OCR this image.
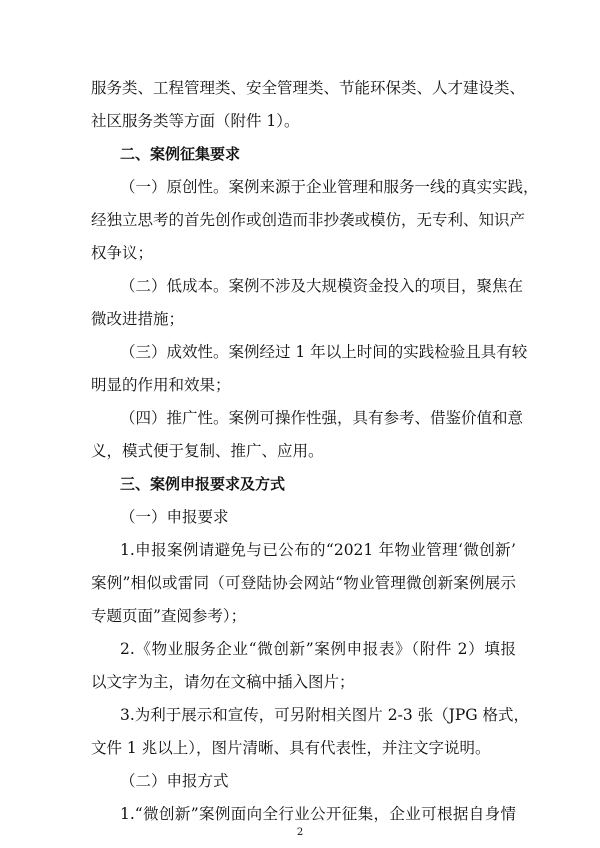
服务类、工程管理类、安全管理类、节能环保类、人才建设类、
社区服务类等方面（附件 1）。
二、案例征集要求
（一）原创性。案例来源于企业管理和服务一线的真实实践，
经独立思考的首先创作或创造而非抄袭或模仿，无专利、知识产
权争议；
（二）低成本。案例不涉及大规模资金投入的项目，聚焦在
微改进措施；
（三）成效性。案例经过 1 年以上时间的实践检验且具有较
明显的作用和效果；
（四）推广性。案例可操作性强，具有参考、借鉴价值和意
义，模式便于复制、推广、应用。
三、案例申报要求及方式
（一）申报要求
1.申报案例请避免与已公布的“2021 年物业管理‘微创新’
案例”相似或雷同（可登陆协会网站“物业管理微创新案例展示
专题页面”查阅参考）；
2.《物业服务企业“微创新”案例申报表》（附件 2）填报
以文字为主，请勿在文稿中插入图片；
3.为利于展示和宣传，可另附相关图片 2-3 张（JPG 格式，
文件 1 兆以上），图片清晰、具有代表性，并注文字说明。
（二）申报方式
1.“微创新”案例面向全行业公开征集，企业可根据自身情
2
